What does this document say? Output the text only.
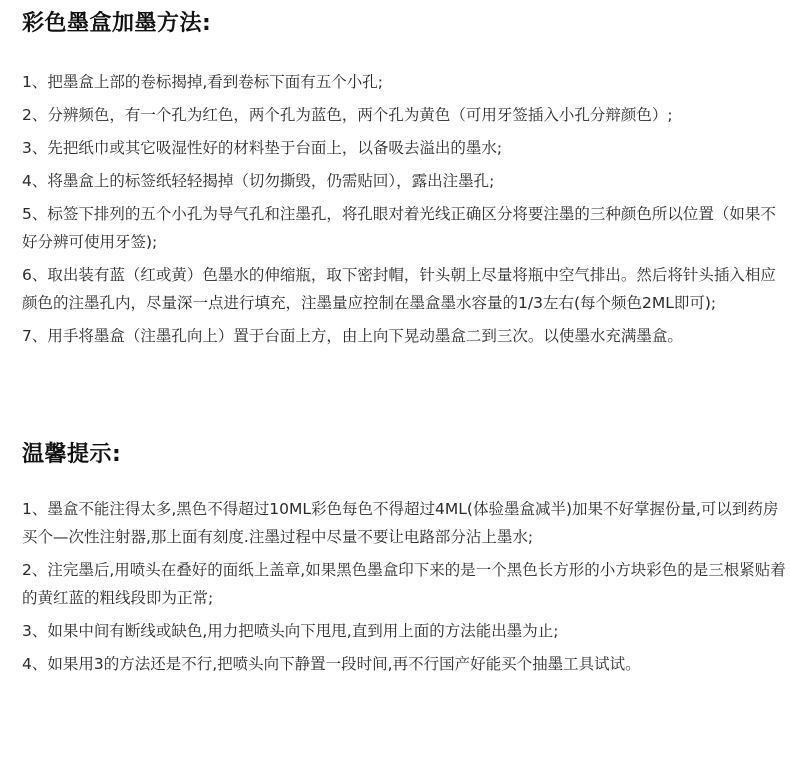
彩色墨盒加墨方法:
1、把墨盒上部的卷标揭掉,看到卷标下面有五个小孔;
2、分辨频色，有一个孔为红色，两个孔为蓝色，两个孔为黄色（可用牙签插入小孔分辩颜色）;
3、先把纸巾或其它吸湿性好的材料垫于台面上，以备吸去溢出的墨水;
4、将墨盒上的标签纸轻轻揭掉（切勿撕毁，仍需贴回），露出注墨孔;
5、标签下排列的五个小孔为导气孔和注墨孔，将孔眼对着光线正确区分将要注墨的三种颜色所以位置（如果不好分辨可使用牙签);
6、取出装有蓝（红或黄）色墨水的伸缩瓶，取下密封帽，针头朝上尽量将瓶中空气排出。然后将针头插入相应颜色的注墨孔内，尽量深一点进行填充，注墨量应控制在墨盒墨水容量的1/3左右(每个频色2ML即可);
7、用手将墨盒（注墨孔向上）置于台面上方，由上向下晃动墨盒二到三次。以使墨水充满墨盒。
温馨提示:
1、墨盒不能注得太多,黑色不得超过10ML彩色每色不得超过4ML(体验墨盒减半)加果不好掌握份量,可以到药房买个—次性注射器,那上面有刻度.注墨过程中尽量不要让电路部分沾上墨水;
2、注完墨后,用喷头在叠好的面纸上盖章,如果黑色墨盒印下来的是一个黑色长方形的小方块彩色的是三根紧贴着的黄红蓝的粗线段即为正常;
3、如果中间有断线或缺色,用力把喷头向下甩甩,直到用上面的方法能出墨为止;
4、如果用3的方法还是不行,把喷头向下静置一段时间,再不行国产好能买个抽墨工具试试。
